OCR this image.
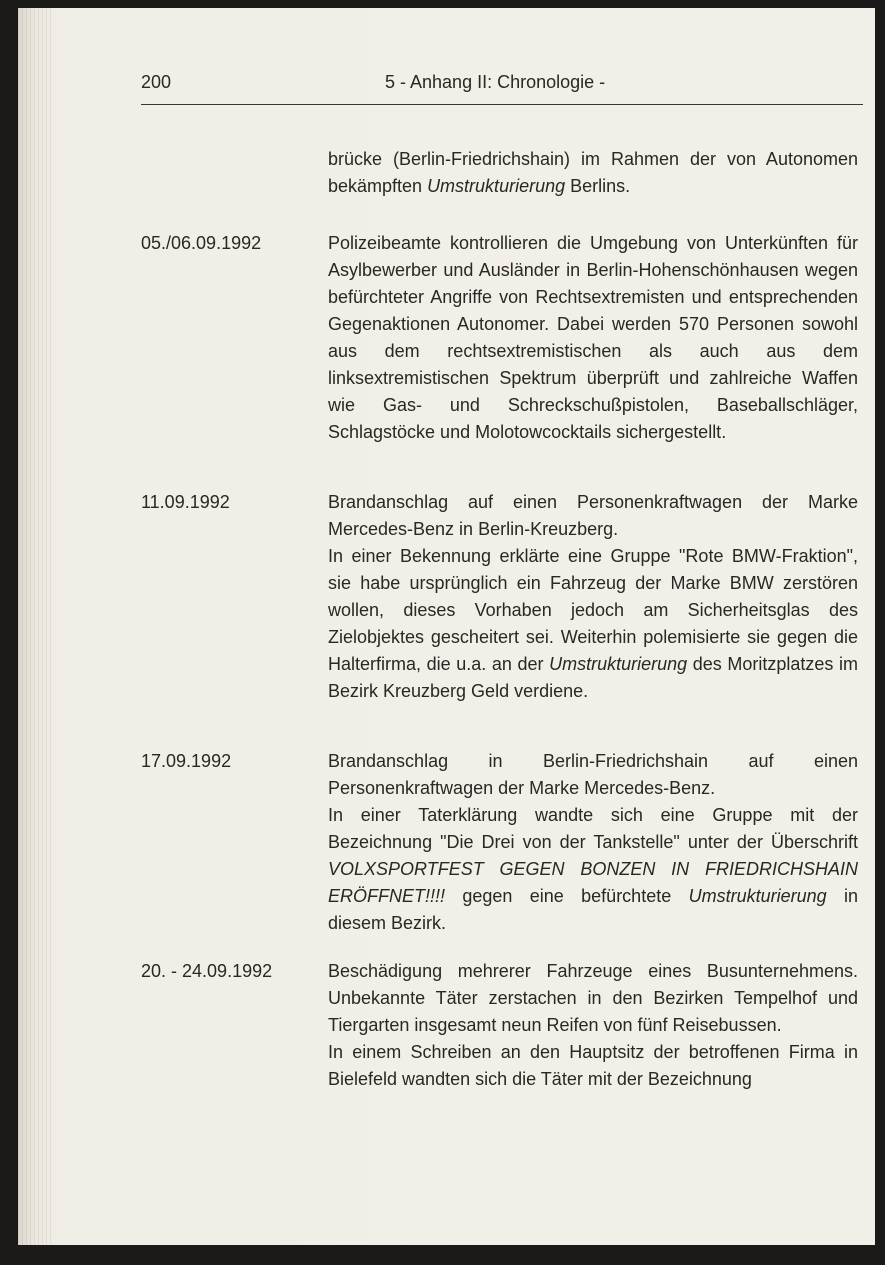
200	5 - Anhang II: Chronologie -

brücke (Berlin-Friedrichshain) im Rahmen der von Autonomen bekämpften Umstrukturierung Berlins.

05./06.09.1992	Polizeibeamte kontrollieren die Umgebung von Unterkünften für Asylbewerber und Ausländer in Berlin-Hohenschönhausen wegen befürchteter Angriffe von Rechtsextremisten und entsprechenden Gegenaktionen Autonomer. Dabei werden 570 Personen sowohl aus dem rechtsextremistischen als auch aus dem linksextremistischen Spektrum überprüft und zahlreiche Waffen wie Gas- und Schreckschußpistolen, Baseballschläger, Schlagstöcke und Molotowcocktails sichergestellt.

11.09.1992	Brandanschlag auf einen Personenkraftwagen der Marke Mercedes-Benz in Berlin-Kreuzberg.

In einer Bekennung erklärte eine Gruppe "Rote BMW-Fraktion", sie habe ursprünglich ein Fahrzeug der Marke BMW zerstören wollen, dieses Vorhaben jedoch am Sicherheitsglas des Zielobjektes gescheitert sei. Weiterhin polemisierte sie gegen die Halterfirma, die u.a. an der Umstrukturierung des Moritzplatzes im Bezirk Kreuzberg Geld verdiene.

17.09.1992	Brandanschlag in Berlin-Friedrichshain auf einen Personenkraftwagen der Marke Mercedes-Benz.

In einer Taterklärung wandte sich eine Gruppe mit der Bezeichnung "Die Drei von der Tankstelle" unter der Überschrift VOLXSPORTFEST GEGEN BONZEN IN FRIEDRICHSHAIN ERÖFFNET!!!! gegen eine befürchtete Umstrukturierung in diesem Bezirk.

20. - 24.09.1992	Beschädigung mehrerer Fahrzeuge eines Busunternehmens. Unbekannte Täter zerstachen in den Bezirken Tempelhof und Tiergarten insgesamt neun Reifen von fünf Reisebussen.

In einem Schreiben an den Hauptsitz der betroffenen Firma in Bielefeld wandten sich die Täter mit der Bezeichnung
